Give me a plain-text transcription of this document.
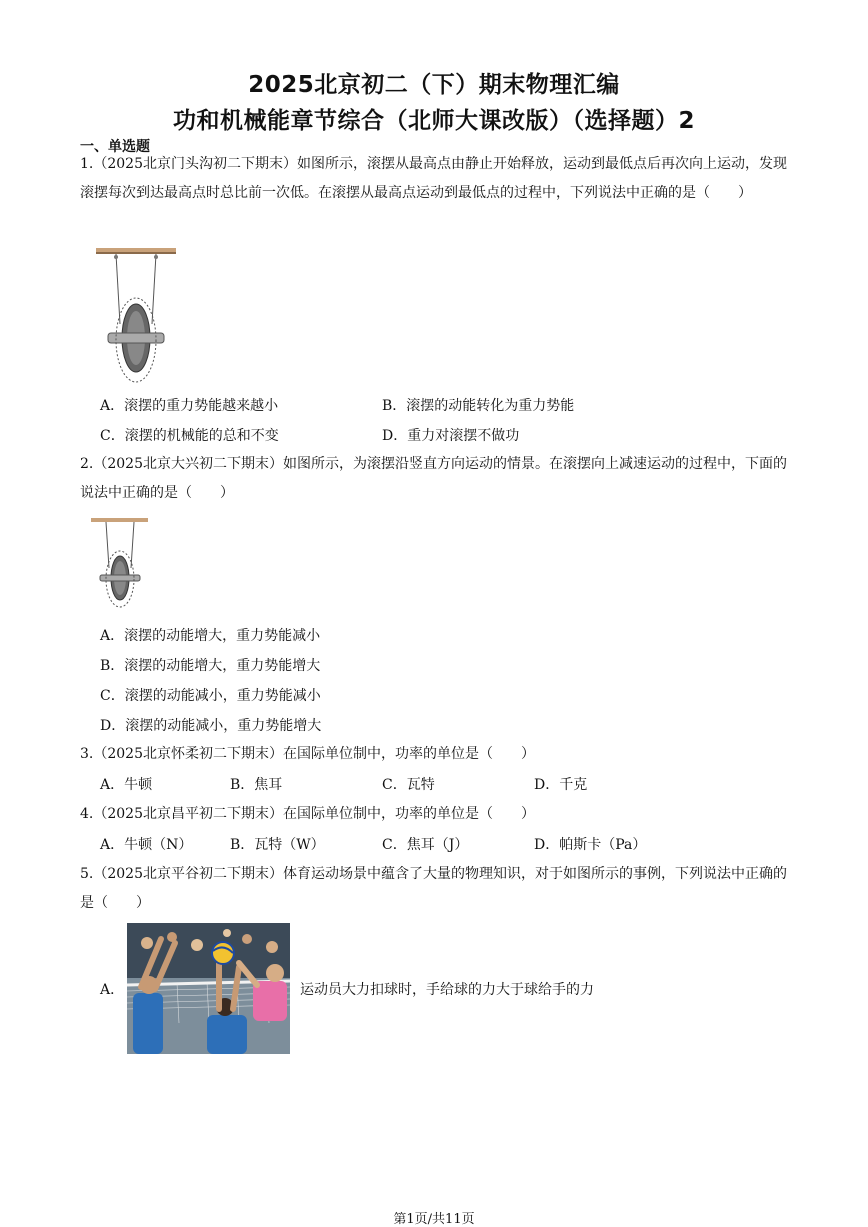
2025北京初二（下）期末物理汇编
功和机械能章节综合（北师大课改版）（选择题）2
一、单选题
1.（2025北京门头沟初二下期末）如图所示，滚摆从最高点由静止开始释放，运动到最低点后再次向上运动，发现滚摆每次到达最高点时总比前一次低。在滚摆从最高点运动到最低点的过程中，下列说法中正确的是（　　）
A．滚摆的重力势能越来越小	B．滚摆的动能转化为重力势能
C．滚摆的机械能的总和不变	D．重力对滚摆不做功
2.（2025北京大兴初二下期末）如图所示，为滚摆沿竖直方向运动的情景。在滚摆向上减速运动的过程中，下面的说法中正确的是（　　）
A．滚摆的动能增大，重力势能减小
B．滚摆的动能增大，重力势能增大
C．滚摆的动能减小，重力势能减小
D．滚摆的动能减小，重力势能增大
3.（2025北京怀柔初二下期末）在国际单位制中，功率的单位是（　　）
A．牛顿	B．焦耳	C．瓦特	D．千克
4.（2025北京昌平初二下期末）在国际单位制中，功率的单位是（　　）
A．牛顿（N）	B．瓦特（W）	C．焦耳（J）	D．帕斯卡（Pa）
5.（2025北京平谷初二下期末）体育运动场景中蕴含了大量的物理知识，对于如图所示的事例，下列说法中正确的是（　　）
A．	运动员大力扣球时，手给球的力大于球给手的力
第1页/共11页
